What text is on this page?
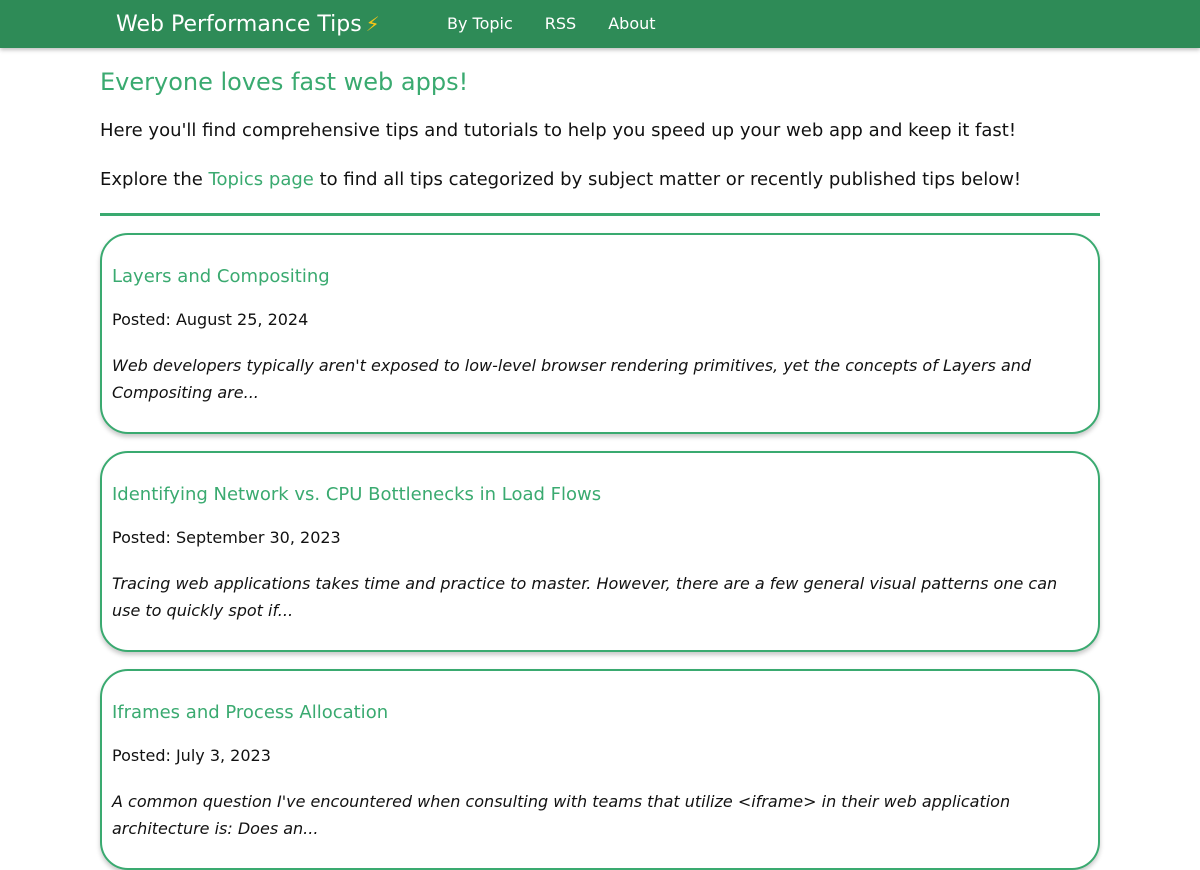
Web Performance Tips ⚡	By Topic RSS About
Everyone loves fast web apps!

Here you'll find comprehensive tips and tutorials to help you speed up your web app and keep it fast!

Explore the Topics page to find all tips categorized by subject matter or recently published tips below!

Layers and Compositing
Posted: August 25, 2024
Web developers typically aren't exposed to low-level browser rendering primitives, yet the concepts of Layers and Compositing are...
Identifying Network vs. CPU Bottlenecks in Load Flows
Posted: September 30, 2023
Tracing web applications takes time and practice to master. However, there are a few general visual patterns one can use to quickly spot if...
Iframes and Process Allocation
Posted: July 3, 2023
A common question I've encountered when consulting with teams that utilize <iframe> in their web application architecture is: Does an...
